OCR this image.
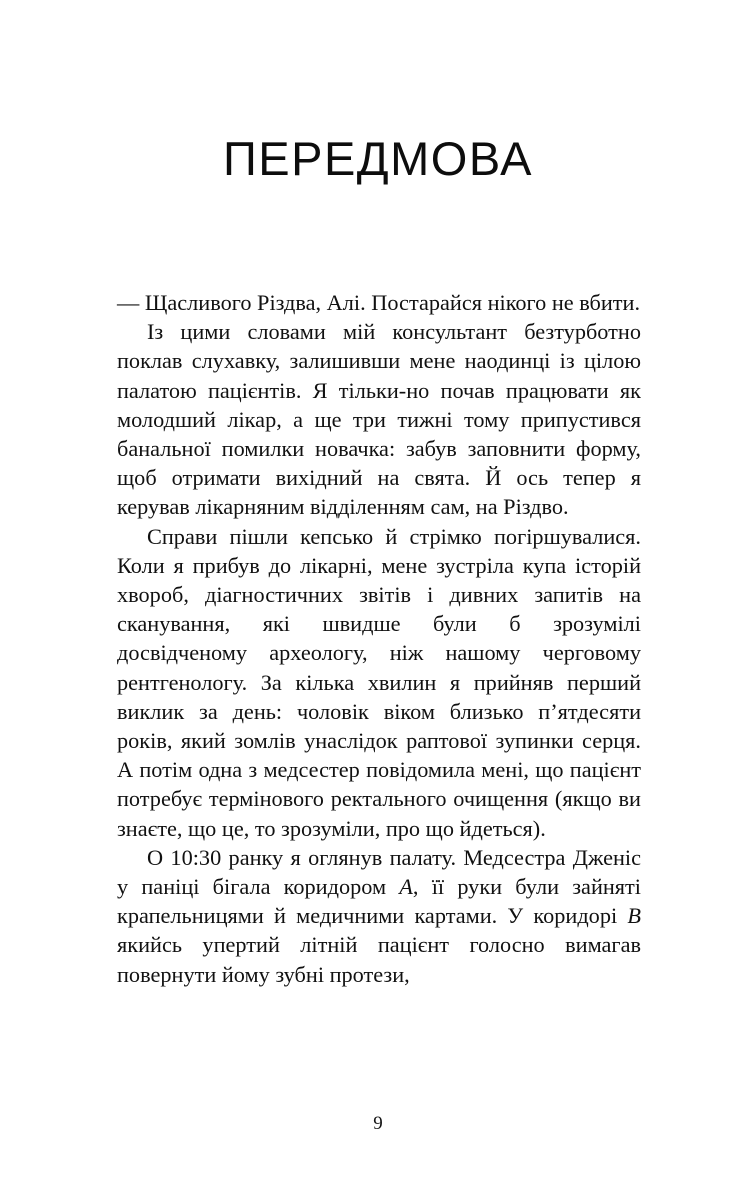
ПЕРЕДМОВА

— Щасливого Різдва, Алі. Постарайся нікого не вбити.

Із цими словами мій консультант безтурботно поклав слухавку, залишивши мене наодинці із цілою палатою пацієнтів. Я тільки-но почав працювати як молодший лікар, а ще три тижні тому припустився банальної помилки новачка: забув заповнити форму, щоб отримати вихідний на свята. Й ось тепер я керував лікарняним відділенням сам, на Різдво.

Справи пішли кепсько й стрімко погіршувалися. Коли я прибув до лікарні, мене зустріла купа історій хвороб, діагностичних звітів і дивних запитів на сканування, які швидше були б зрозумілі досвідченому археологу, ніж нашому черговому рентгенологу. За кілька хвилин я прийняв перший виклик за день: чоловік віком близько п’ятдесяти років, який зомлів унаслідок раптової зупинки серця. А потім одна з медсестер повідомила мені, що пацієнт потребує термінового ректального очищення (якщо ви знаєте, що це, то зрозуміли, про що йдеться).

О 10:30 ранку я оглянув палату. Медсестра Дженіс у паніці бігала коридором A, її руки були зайняті крапельницями й медичними картами. У коридорі B якийсь упертий літній пацієнт голосно вимагав повернути йому зубні протези,

9
